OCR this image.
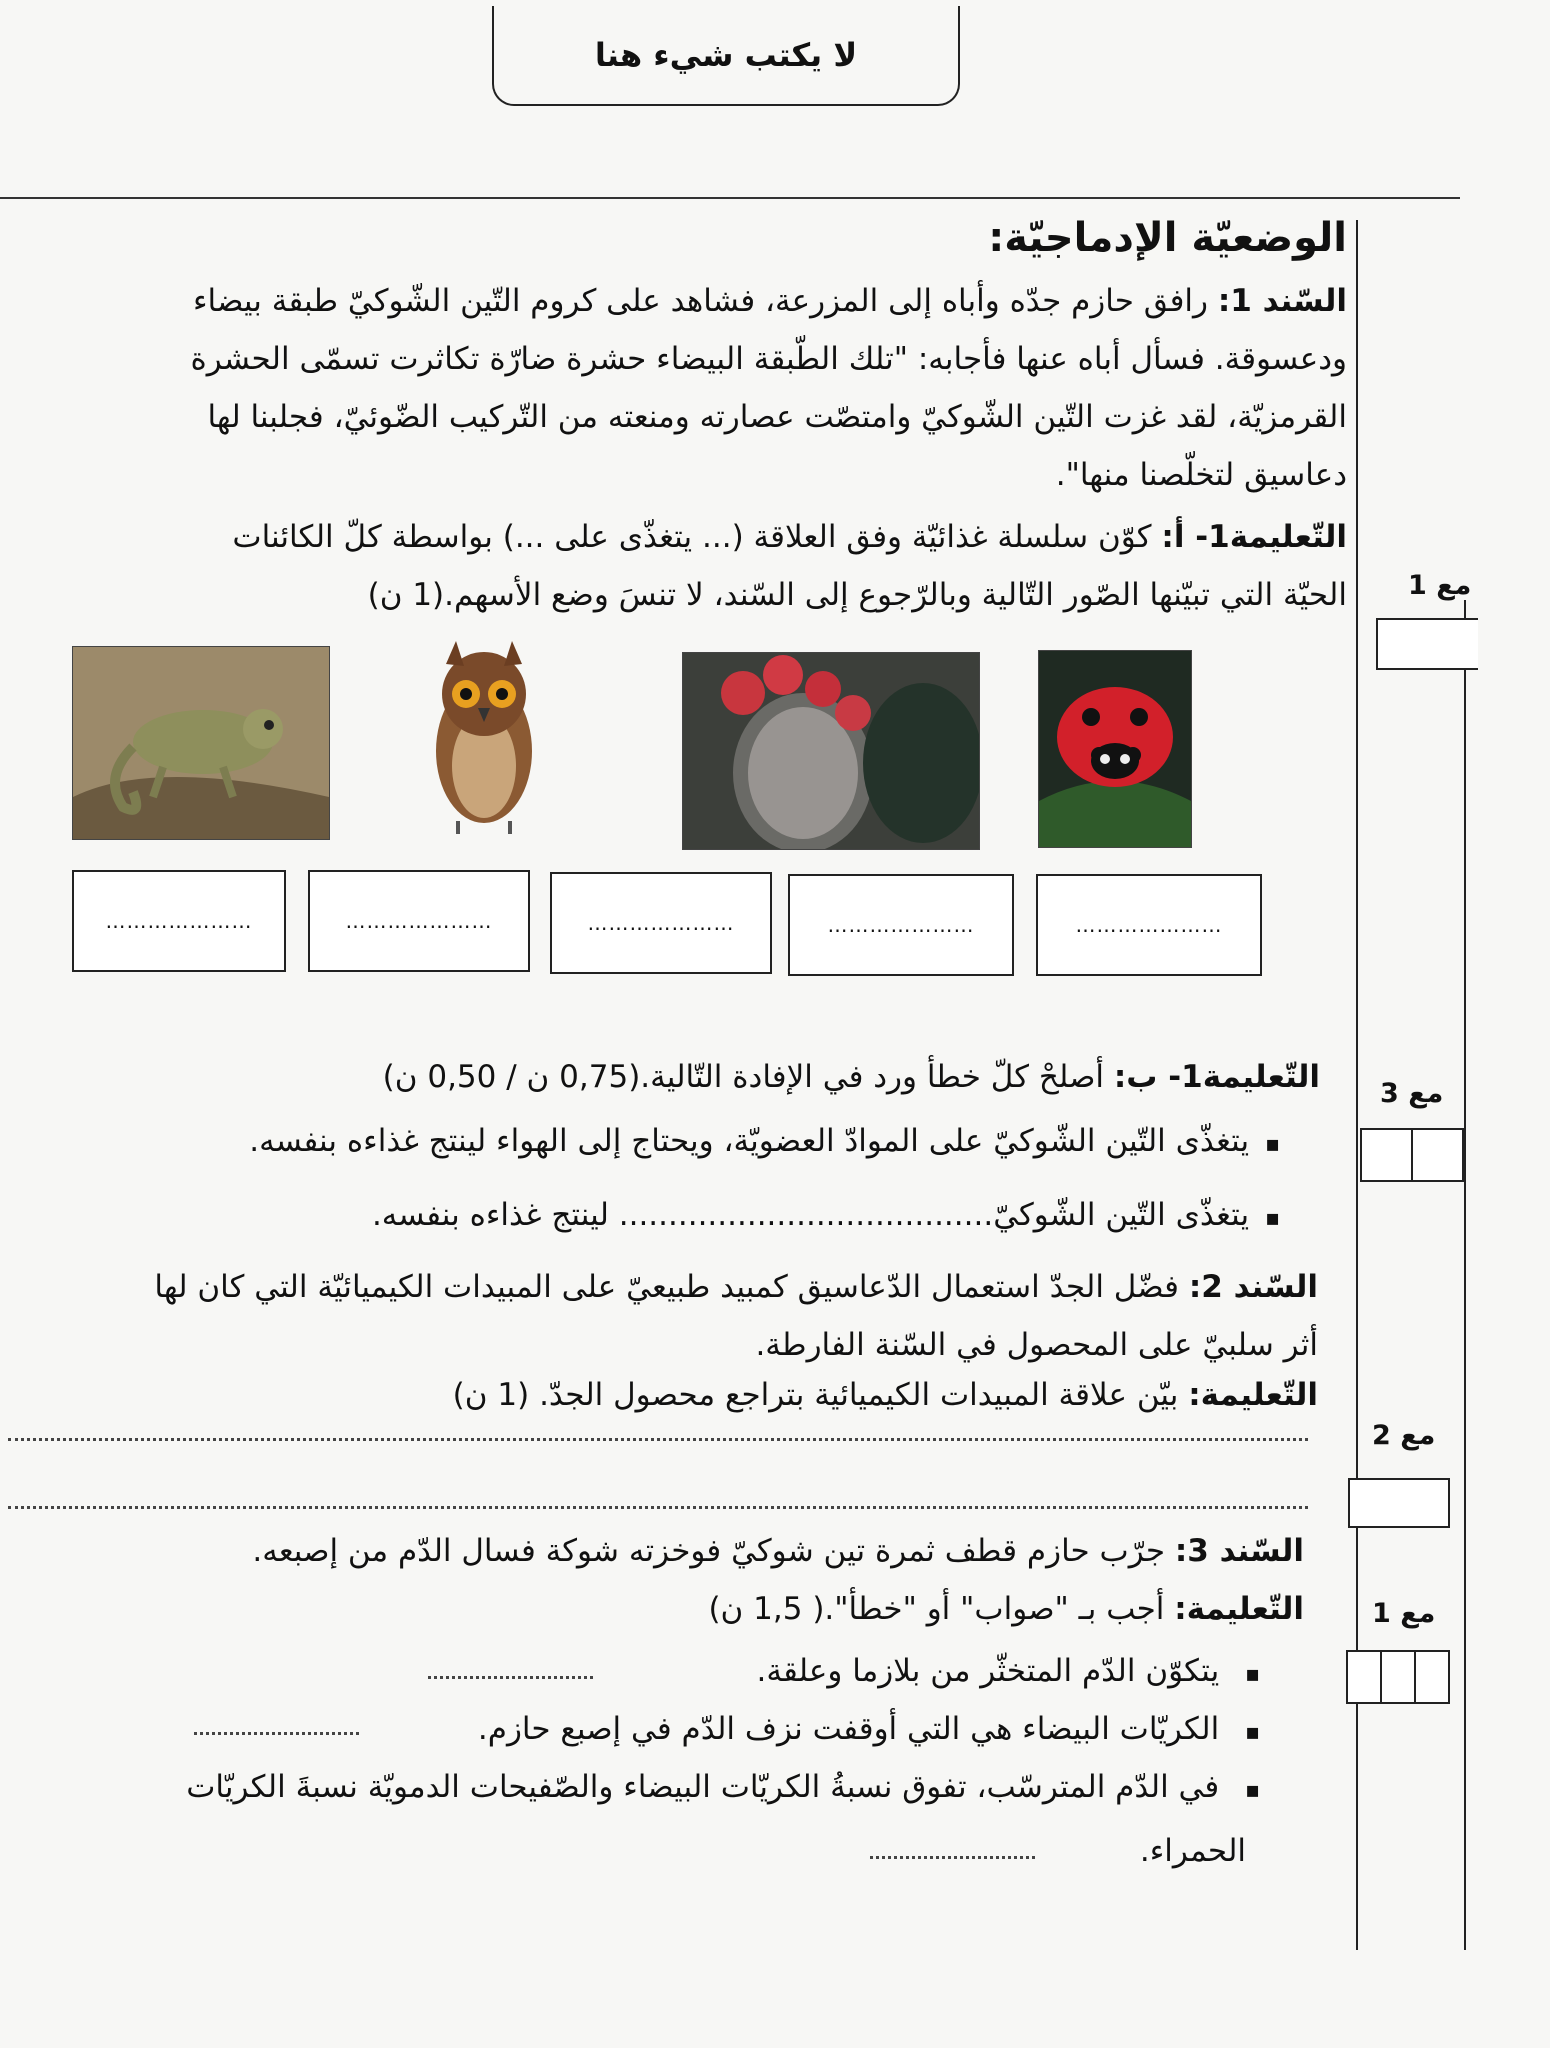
لا يكتب شيء هنا
الوضعيّة الإدماجيّة:
السّند 1: رافق حازم جدّه وأباه إلى المزرعة، فشاهد على كروم التّين الشّوكيّ طبقة بيضاء
ودعسوقة. فسأل أباه عنها فأجابه: "تلك الطّبقة البيضاء حشرة ضارّة تكاثرت تسمّى الحشرة
القرمزيّة، لقد غزت التّين الشّوكيّ وامتصّت عصارته ومنعته من التّركيب الضّوئيّ، فجلبنا لها
دعاسيق لتخلّصنا منها".
التّعليمة1- أ: كوّن سلسلة غذائيّة وفق العلاقة (... يتغذّى على ...) بواسطة كلّ الكائنات
الحيّة التي تبيّنها الصّور التّالية وبالرّجوع إلى السّند، لا تنسَ وضع الأسهم.(1 ن) مع 1
…………………	…………………	…………………	…………………	…………………
التّعليمة1- ب: أصلحْ كلّ خطأ ورد في الإفادة التّالية.(0,75 ن / 0,50 ن)	مع 3
▪ يتغذّى التّين الشّوكيّ على الموادّ العضويّة، ويحتاج إلى الهواء لينتج غذاءه بنفسه.
▪ يتغذّى التّين الشّوكيّ...................................... لينتج غذاءه بنفسه.
السّند 2: فضّل الجدّ استعمال الدّعاسيق كمبيد طبيعيّ على المبيدات الكيميائيّة التي كان لها
أثر سلبيّ على المحصول في السّنة الفارطة.
التّعليمة: بيّن علاقة المبيدات الكيميائية بتراجع محصول الجدّ. (1 ن)
مع 2
السّند 3: جرّب حازم قطف ثمرة تين شوكيّ فوخزته شوكة فسال الدّم من إصبعه.
التّعليمة: أجب بـ "صواب" أو "خطأ".( 1,5 ن)	مع 1
▪ يتكوّن الدّم المتخثّر من بلازما وعلقة.
▪ الكريّات البيضاء هي التي أوقفت نزف الدّم في إصبع حازم.
▪ في الدّم المترسّب، تفوق نسبةُ الكريّات البيضاء والصّفيحات الدمويّة نسبةَ الكريّات
الحمراء.
